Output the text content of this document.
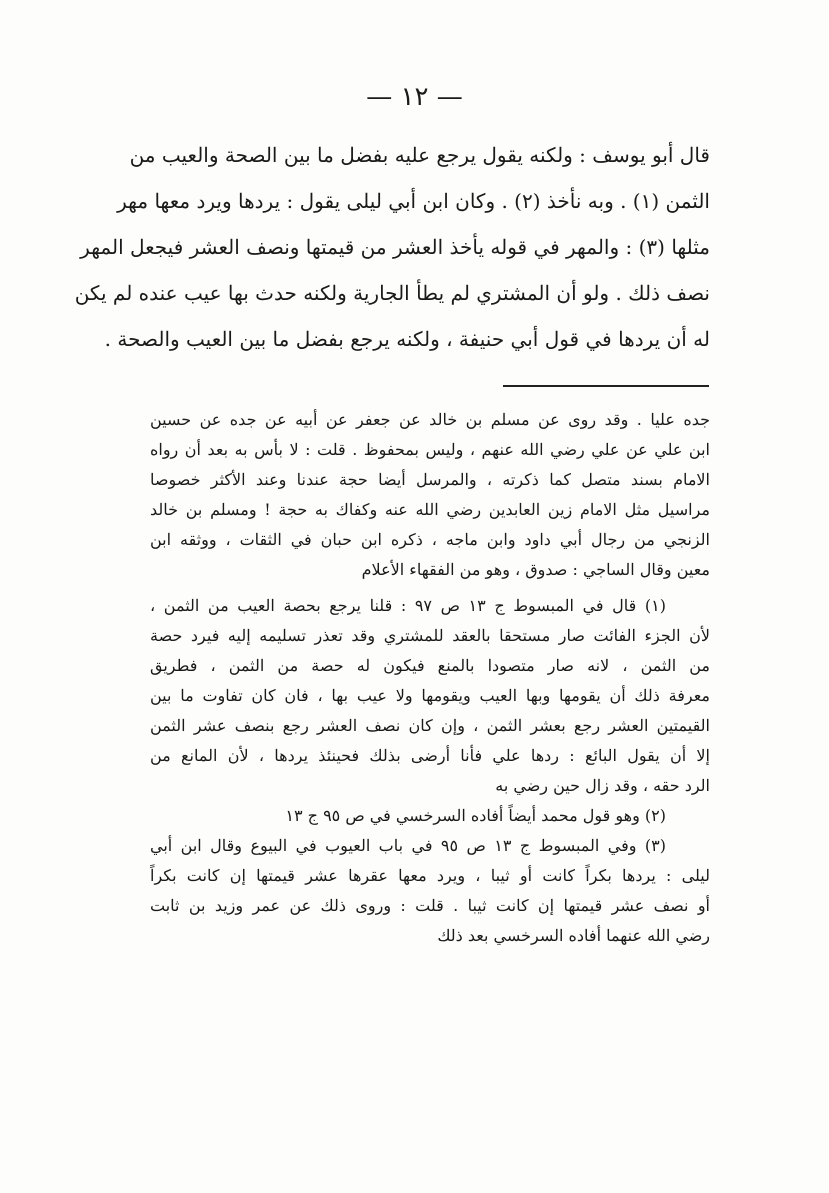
— ١٢ —
قال أبو يوسف : ولكنه يقول يرجع عليه بفضل ما بين الصحة والعيب من
الثمن (١) . وبه نأخذ (٢) . وكان ابن أبي ليلى يقول : يردها ويرد معها مهر
مثلها (٣) : والمهر في قوله يأخذ العشر من قيمتها ونصف العشر فيجعل المهر
نصف ذلك . ولو أن المشتري لم يطأ الجارية ولكنه حدث بها عيب عنده لم يكن
له أن يردها في قول أبي حنيفة ، ولكنه يرجع بفضل ما بين العيب والصحة .
جده عليا . وقد روى عن مسلم بن خالد عن جعفر عن أبيه عن جده عن حسين
ابن علي عن علي رضي الله عنهم ، وليس بمحفوظ . قلت : لا بأس به بعد أن رواه
الامام بسند متصل كما ذكرته ، والمرسل أيضا حجة عندنا وعند الأكثر خصوصا
مراسيل مثل الامام زين العابدين رضي الله عنه وكفاك به حجة ! ومسلم بن خالد
الزنجي من رجال أبي داود وابن ماجه ، ذكره ابن حبان في الثقات ، ووثقه ابن
معين وقال الساجي : صدوق ، وهو من الفقهاء الأعلام
(١) قال في المبسوط ج ١٣ ص ٩٧ : قلنا يرجع بحصة العيب من الثمن ،
لأن الجزء الفائت صار مستحقا بالعقد للمشتري وقد تعذر تسليمه إليه فيرد حصة
من الثمن ، لانه صار متصودا بالمنع فيكون له حصة من الثمن ، فطريق
معرفة ذلك أن يقومها وبها العيب ويقومها ولا عيب بها ، فان كان تفاوت ما بين
القيمتين العشر رجع بعشر الثمن ، وإن كان نصف العشر رجع بنصف عشر الثمن
إلا أن يقول البائع : ردها علي فأنا أرضى بذلك فحينئذ يردها ، لأن المانع من
الرد حقه ، وقد زال حين رضي به
(٢) وهو قول محمد أيضاً أفاده السرخسي في ص ٩٥ ج ١٣
(٣) وفي المبسوط ج ١٣ ص ٩٥ في باب العيوب في البيوع وقال ابن أبي
ليلى : يردها بكراً كانت أو ثيبا ، ويرد معها عقرها عشر قيمتها إن كانت بكراً
أو نصف عشر قيمتها إن كانت ثيبا . قلت : وروى ذلك عن عمر وزيد بن ثابت
رضي الله عنهما أفاده السرخسي بعد ذلك
